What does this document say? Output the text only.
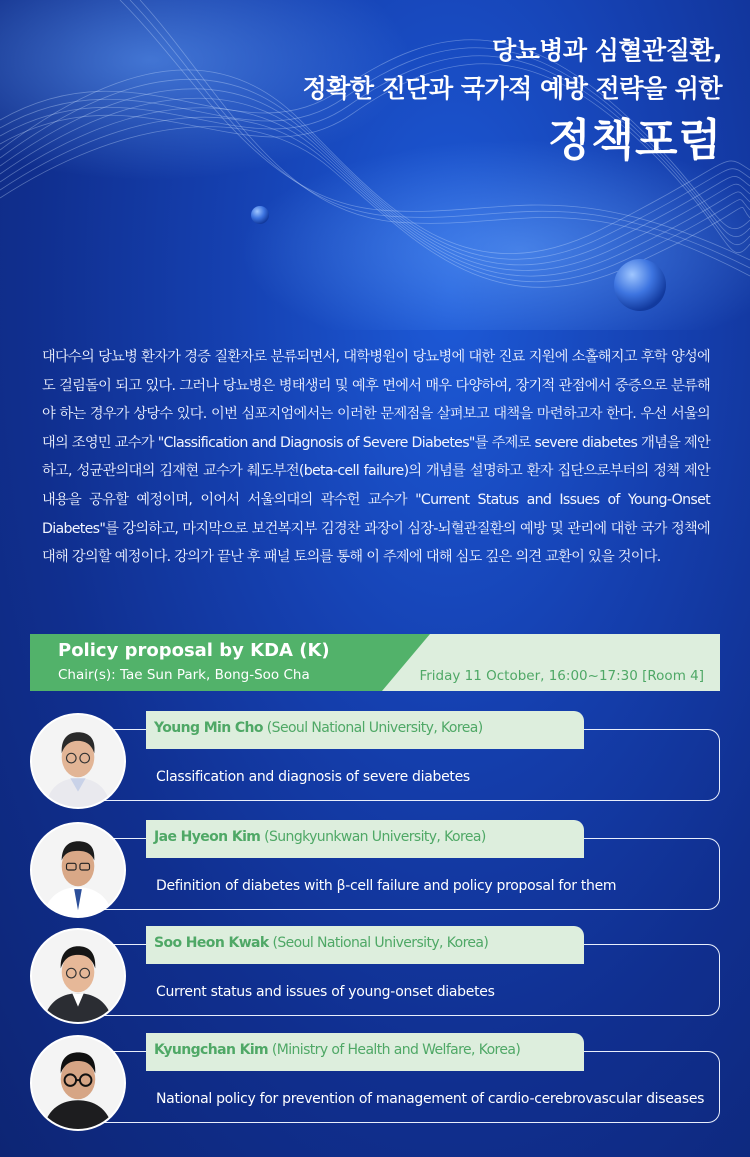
당뇨병과 심혈관질환,
정확한 진단과 국가적 예방 전략을 위한
정책포럼

대다수의 당뇨병 환자가 경증 질환자로 분류되면서, 대학병원이 당뇨병에 대한 진료 지원에 소홀해지고 후학 양성에도 걸림돌이 되고 있다. 그러나 당뇨병은 병태생리 및 예후 면에서 매우 다양하여, 장기적 관점에서 중증으로 분류해야 하는 경우가 상당수 있다. 이번 심포지엄에서는 이러한 문제점을 살펴보고 대책을 마련하고자 한다. 우선 서울의대의 조영민 교수가 "Classification and Diagnosis of Severe Diabetes"를 주제로 severe diabetes 개념을 제안하고, 성균관의대의 김재현 교수가 췌도부전(beta-cell failure)의 개념를 설명하고 환자 집단으로부터의 정책 제안 내용을 공유할 예정이며, 이어서 서울의대의 곽수헌 교수가 "Current Status and Issues of Young-Onset Diabetes"를 강의하고, 마지막으로 보건복지부 김경찬 과장이 심장-뇌혈관질환의 예방 및 관리에 대한 국가 정책에 대해 강의할 예정이다. 강의가 끝난 후 패널 토의를 통해 이 주제에 대해 심도 깊은 의견 교환이 있을 것이다.

Policy proposal by KDA (K)
Chair(s): Tae Sun Park, Bong-Soo Cha	Friday 11 October, 16:00~17:30 [Room 4]
Young Min Cho (Seoul National University, Korea)
Classification and diagnosis of severe diabetes
Jae Hyeon Kim (Sungkyunkwan University, Korea)
Definition of diabetes with β-cell failure and policy proposal for them
Soo Heon Kwak (Seoul National University, Korea)
Current status and issues of young-onset diabetes
Kyungchan Kim (Ministry of Health and Welfare, Korea)
National policy for prevention of management of cardio-cerebrovascular diseases
